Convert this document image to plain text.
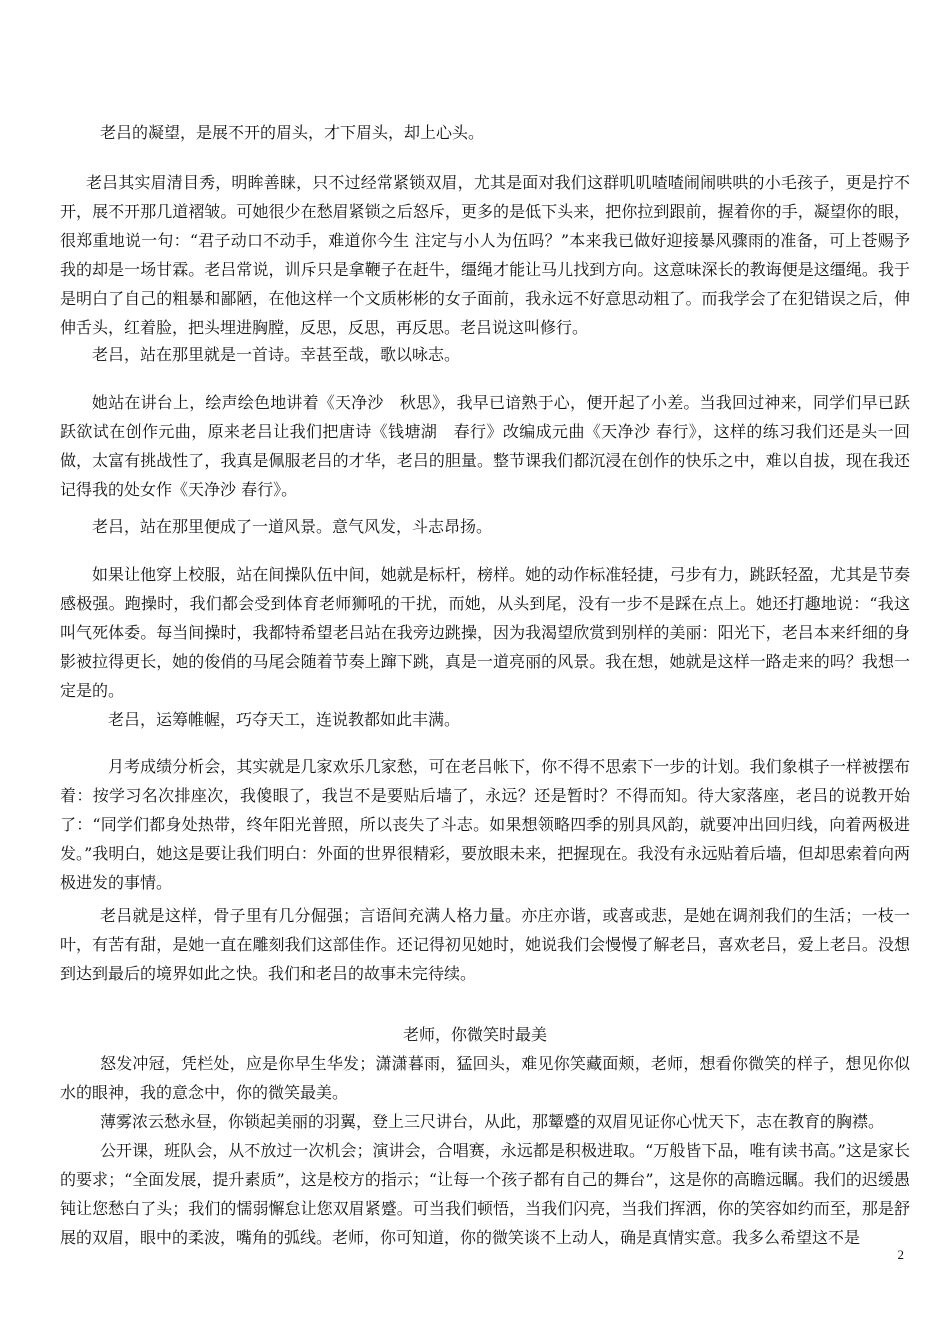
老吕的凝望，是展不开的眉头，才下眉头，却上心头。

老吕其实眉清目秀，明眸善睐，只不过经常紧锁双眉，尤其是面对我们这群叽叽喳喳闹闹哄哄的小毛孩子，更是拧不开，展不开那几道褶皱。可她很少在愁眉紧锁之后怒斥，更多的是低下头来，把你拉到跟前，握着你的手，凝望你的眼，很郑重地说一句：“君子动口不动手，难道你今生 注定与小人为伍吗？”本来我已做好迎接暴风骤雨的准备，可上苍赐予我的却是一场甘霖。老吕常说，训斥只是拿鞭子在赶牛，缰绳才能让马儿找到方向。这意味深长的教诲便是这缰绳。我于是明白了自己的粗暴和鄙陋，在他这样一个文质彬彬的女子面前，我永远不好意思动粗了。而我学会了在犯错误之后，伸伸舌头，红着脸，把头埋进胸膛，反思，反思，再反思。老吕说这叫修行。

老吕，站在那里就是一首诗。幸甚至哉，歌以咏志。

她站在讲台上，绘声绘色地讲着《天净沙　秋思》，我早已谙熟于心，便开起了小差。当我回过神来，同学们早已跃跃欲试在创作元曲，原来老吕让我们把唐诗《钱塘湖　春行》改编成元曲《天净沙 春行》，这样的练习我们还是头一回做，太富有挑战性了，我真是佩服老吕的才华，老吕的胆量。整节课我们都沉浸在创作的快乐之中，难以自拔，现在我还记得我的处女作《天净沙 春行》。

老吕，站在那里便成了一道风景。意气风发，斗志昂扬。

如果让他穿上校服，站在间操队伍中间，她就是标杆，榜样。她的动作标准轻捷，弓步有力，跳跃轻盈，尤其是节奏感极强。跑操时，我们都会受到体育老师狮吼的干扰，而她，从头到尾，没有一步不是踩在点上。她还打趣地说：“我这叫气死体委。每当间操时，我都特希望老吕站在我旁边跳操，因为我渴望欣赏到别样的美丽：阳光下，老吕本来纤细的身影被拉得更长，她的俊俏的马尾会随着节奏上蹿下跳，真是一道亮丽的风景。我在想，她就是这样一路走来的吗？我想一定是的。

老吕，运筹帷幄，巧夺天工，连说教都如此丰满。

月考成绩分析会，其实就是几家欢乐几家愁，可在老吕帐下，你不得不思索下一步的计划。我们象棋子一样被摆布着：按学习名次排座次，我傻眼了，我岂不是要贴后墙了，永远？还是暂时？不得而知。待大家落座，老吕的说教开始了：“同学们都身处热带，终年阳光普照，所以丧失了斗志。如果想领略四季的别具风韵，就要冲出回归线，向着两极进发。”我明白，她这是要让我们明白：外面的世界很精彩，要放眼未来，把握现在。我没有永远贴着后墙，但却思索着向两极进发的事情。

老吕就是这样，骨子里有几分倔强；言语间充满人格力量。亦庄亦谐，或喜或悲，是她在调剂我们的生活；一枝一叶，有苦有甜，是她一直在雕刻我们这部佳作。还记得初见她时，她说我们会慢慢了解老吕，喜欢老吕，爱上老吕。没想到达到最后的境界如此之快。我们和老吕的故事未完待续。

老师，你微笑时最美

怒发冲冠，凭栏处，应是你早生华发；潇潇暮雨，猛回头，难见你笑藏面颊，老师，想看你微笑的样子，想见你似水的眼神，我的意念中，你的微笑最美。

薄雾浓云愁永昼，你锁起美丽的羽翼，登上三尺讲台，从此，那颦蹙的双眉见证你心忧天下，志在教育的胸襟。

公开课，班队会，从不放过一次机会；演讲会，合唱赛，永远都是积极进取。“万般皆下品，唯有读书高。”这是家长的要求；“全面发展，提升素质”，这是校方的指示；“让每一个孩子都有自己的舞台”，这是你的高瞻远瞩。我们的迟缓愚钝让您愁白了头；我们的懦弱懈怠让您双眉紧蹙。可当我们顿悟，当我们闪亮，当我们挥洒，你的笑容如约而至，那是舒展的双眉，眼中的柔波，嘴角的弧线。老师，你可知道，你的微笑谈不上动人，确是真情实意。我多么希望这不是

2
